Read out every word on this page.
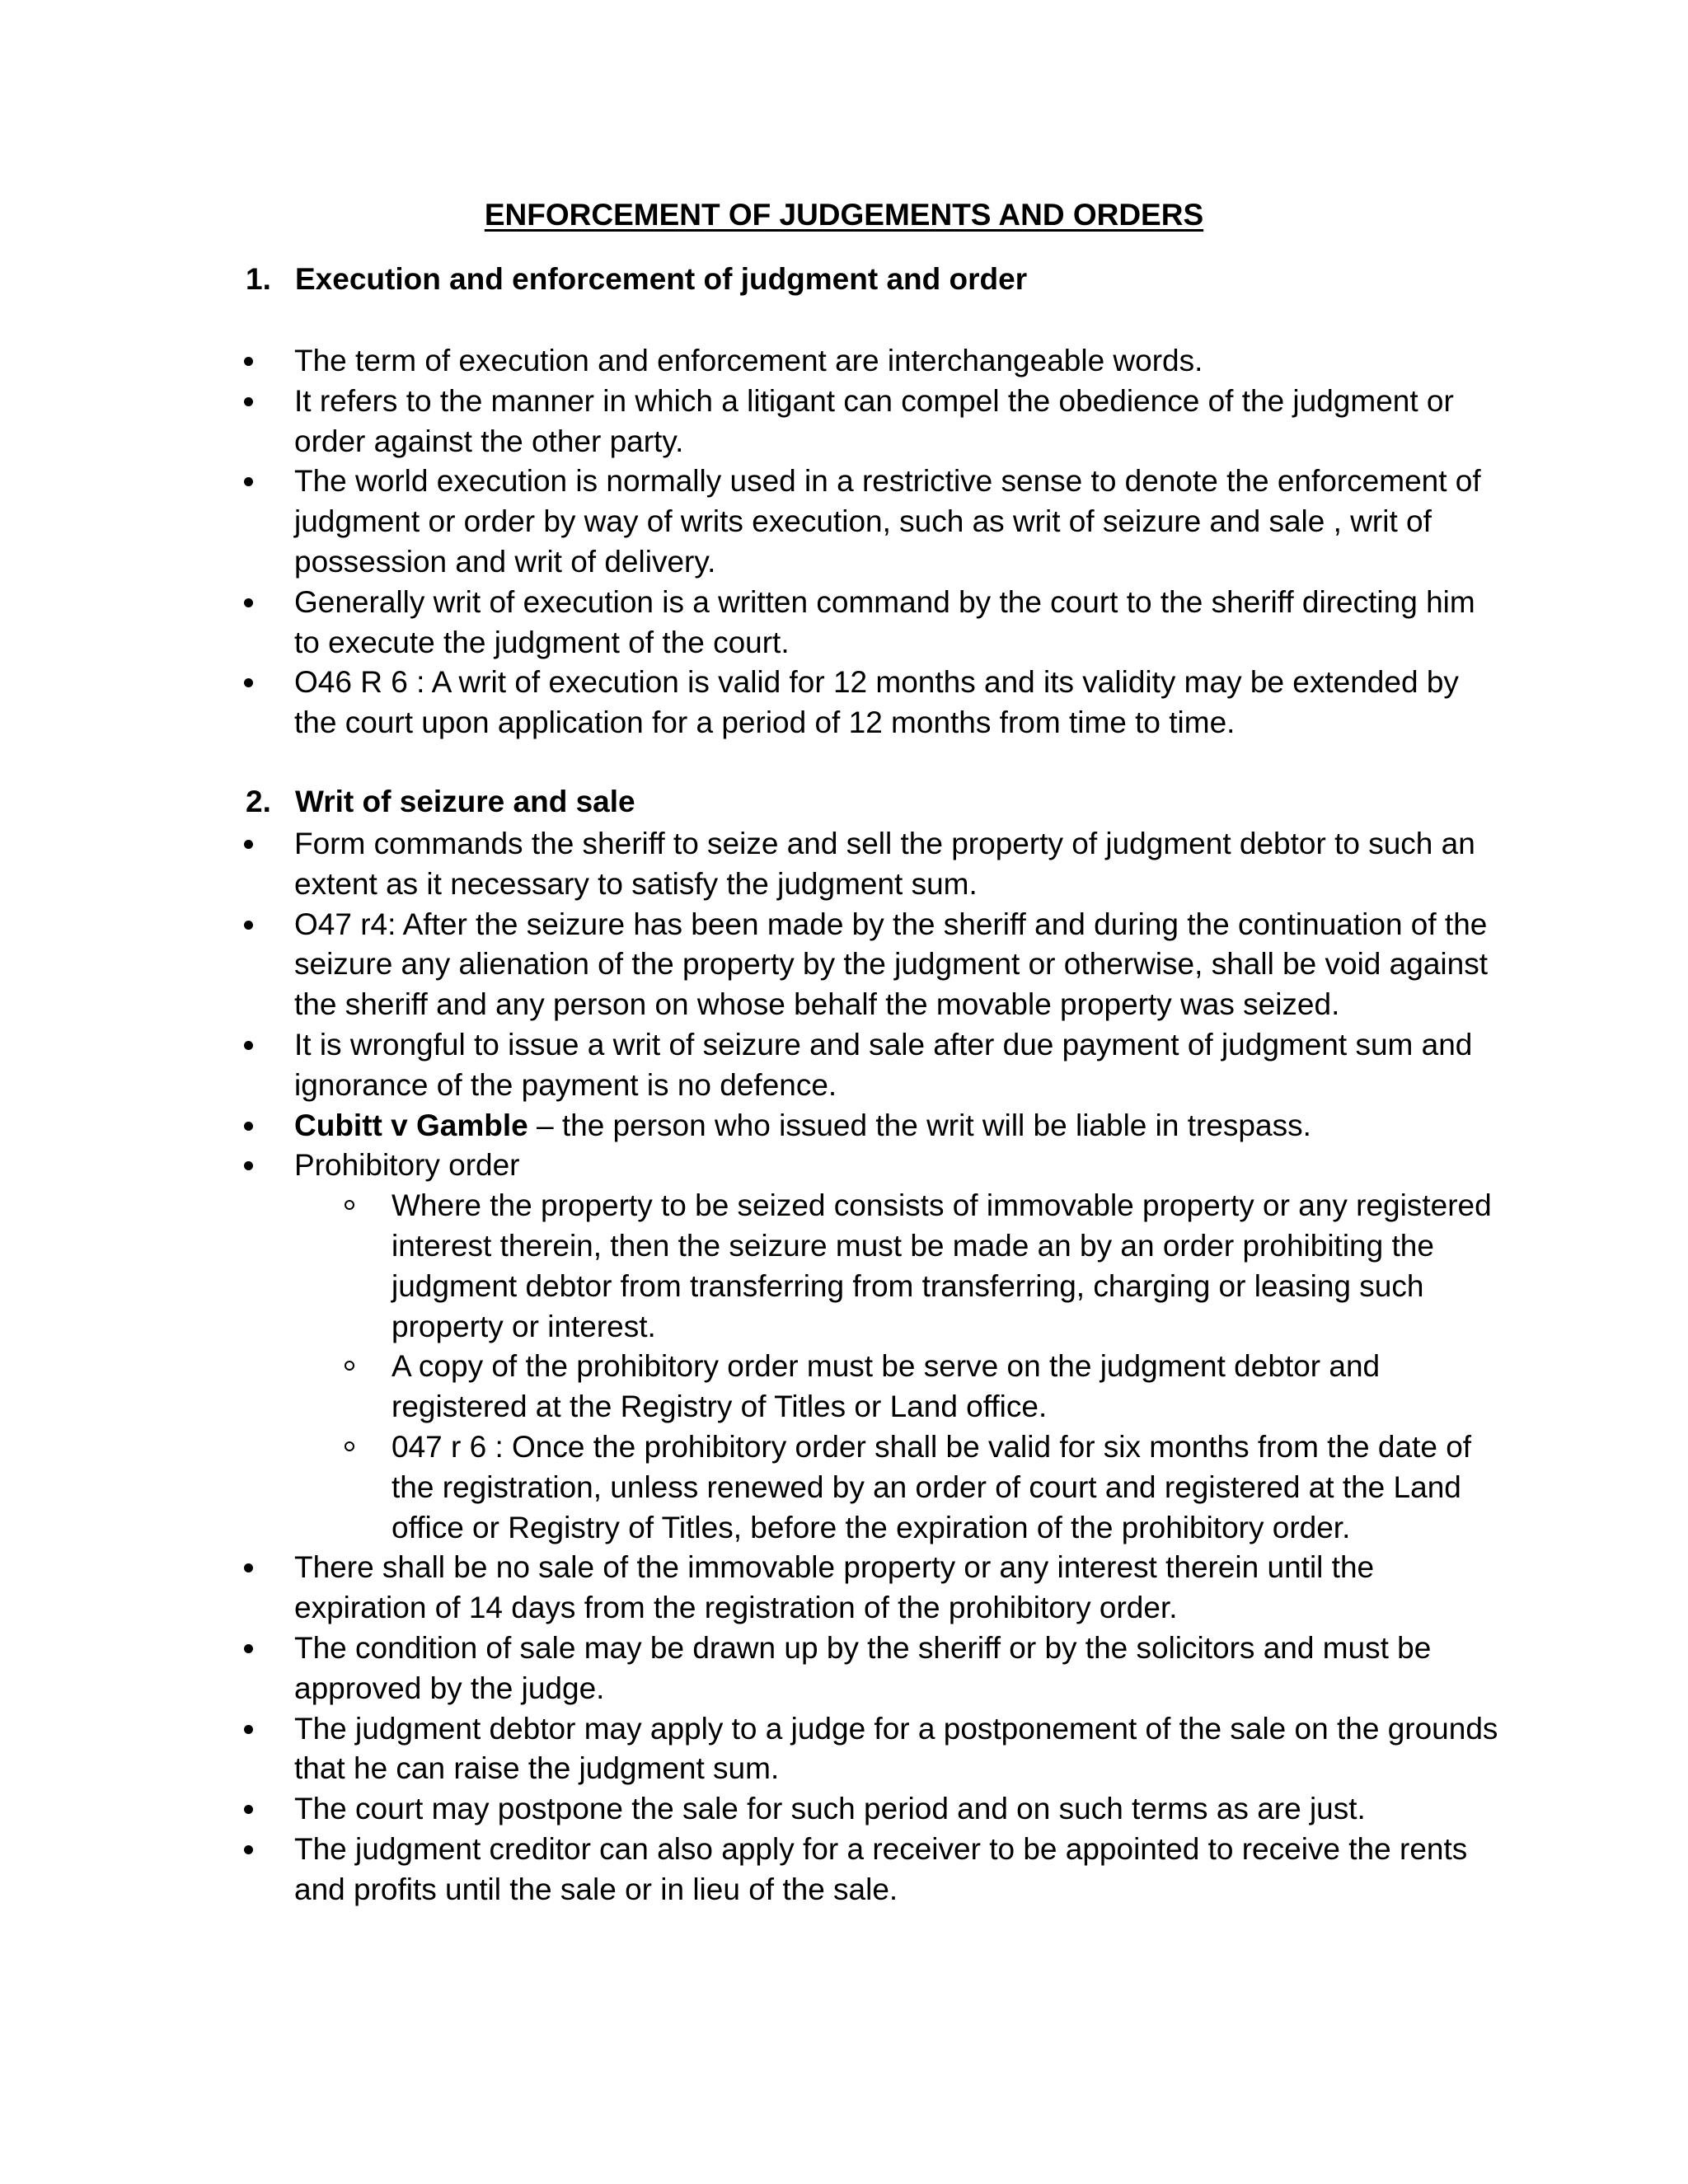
ENFORCEMENT OF JUDGEMENTS AND ORDERS
1. Execution and enforcement of judgment and order
The term of execution and enforcement are interchangeable words.
It refers to the manner in which a litigant can compel the obedience of the judgment or order against the other party.
The world execution is normally used in a restrictive sense to denote the enforcement of judgment or order by way of writs execution, such as writ of seizure and sale , writ of possession and writ of delivery.
Generally writ of execution is a written command by the court to the sheriff directing him to execute the judgment of the court.
O46 R 6 : A writ of execution is valid for 12 months and its validity may be extended by the court upon application for a period of 12 months from time to time.
2. Writ of seizure and sale
Form commands the sheriff to seize and sell the property of judgment debtor to such an extent as it necessary to satisfy the judgment sum.
O47 r4: After the seizure has been made by the sheriff and during the continuation of the seizure any alienation of the property by the judgment or otherwise, shall be void against the sheriff and any person on whose behalf the movable property was seized.
It is wrongful to issue a writ of seizure and sale after due payment of judgment sum and ignorance of the payment is no defence.
Cubitt v Gamble – the person who issued the writ will be liable in trespass.
Prohibitory order
Where the property to be seized consists of immovable property or any registered interest therein, then the seizure must be made an by an order prohibiting the judgment debtor from transferring from transferring, charging or leasing such property or interest.
A copy of the prohibitory order must be serve on the judgment debtor and registered at the Registry of Titles or Land office.
047 r 6 : Once the prohibitory order shall be valid for six months from the date of the registration, unless renewed by an order of court and registered at the Land office or Registry of Titles, before the expiration of the prohibitory order.
There shall be no sale of the immovable property or any interest therein until the expiration of 14 days from the registration of the prohibitory order.
The condition of sale may be drawn up by the sheriff or by the solicitors and must be approved by the judge.
The judgment debtor may apply to a judge for a postponement of the sale on the grounds that he can raise the judgment sum.
The court may postpone the sale for such period and on such terms as are just.
The judgment creditor can also apply for a receiver to be appointed to receive the rents and profits until the sale or in lieu of the sale.
